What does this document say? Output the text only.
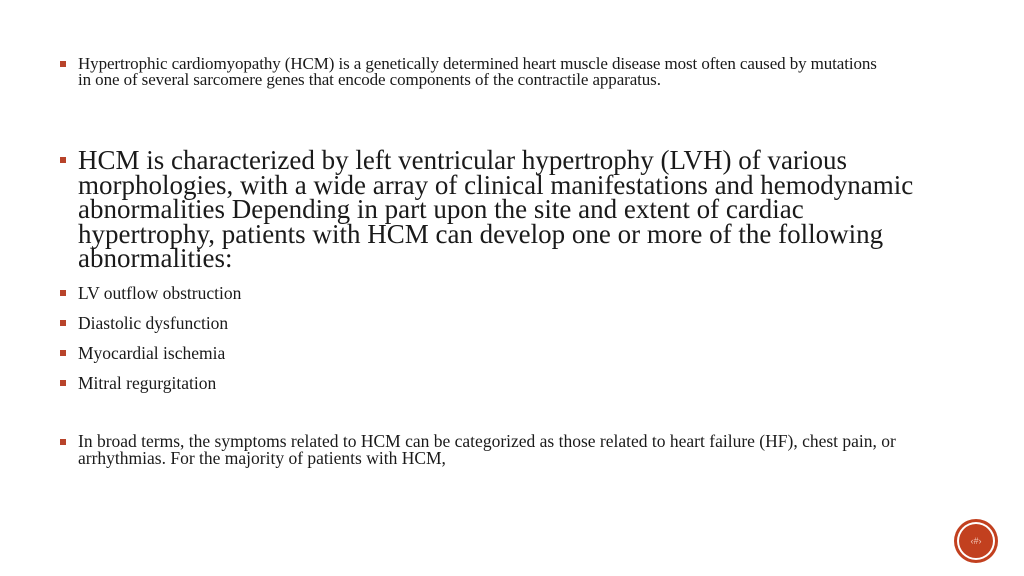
Hypertrophic cardiomyopathy (HCM) is a genetically determined heart muscle disease most often caused by mutations in one of several sarcomere genes that encode components of the contractile apparatus.
HCM is characterized by left ventricular hypertrophy (LVH) of various morphologies, with a wide array of clinical manifestations and hemodynamic abnormalities Depending in part upon the site and extent of cardiac hypertrophy, patients with HCM can develop one or more of the following abnormalities:
LV outflow obstruction
Diastolic dysfunction
Myocardial ischemia
Mitral regurgitation
In broad terms, the symptoms related to HCM can be categorized as those related to heart failure (HF), chest pain, or arrhythmias. For the majority of patients with HCM,
‹#›
